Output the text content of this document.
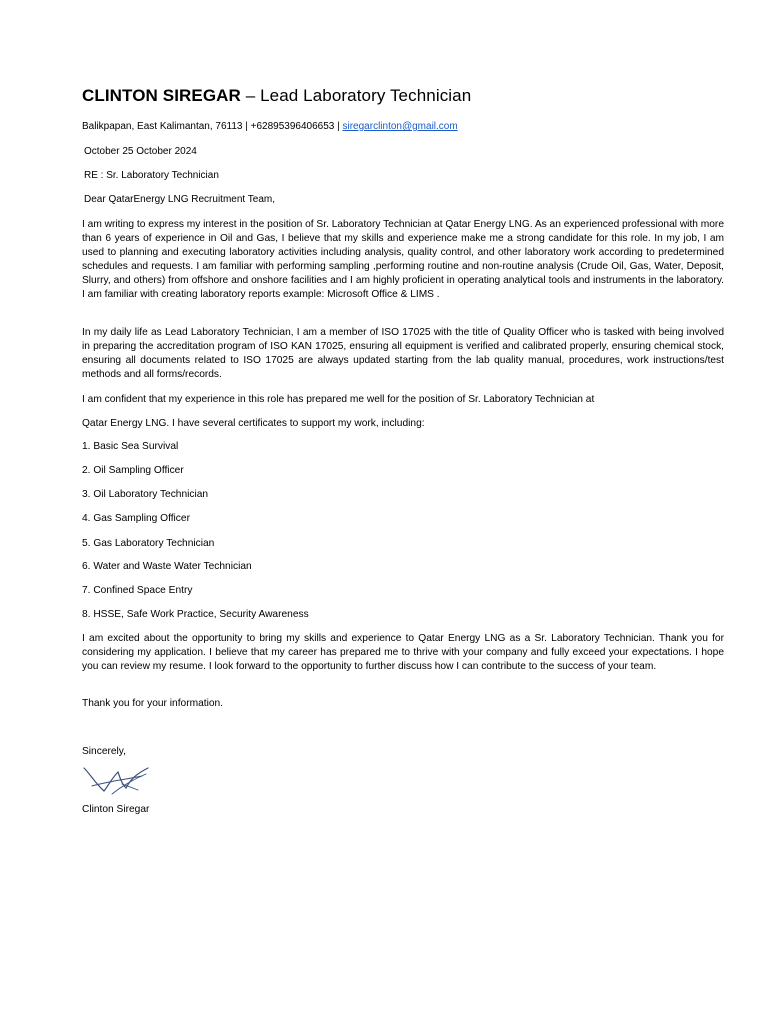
CLINTON SIREGAR – Lead Laboratory Technician
Balikpapan, East Kalimantan, 76113 | +62895396406653 | siregarclinton@gmail.com
October 25 October 2024
RE : Sr. Laboratory Technician
Dear QatarEnergy LNG Recruitment Team,
I am writing to express my interest in the position of Sr. Laboratory Technician at Qatar Energy LNG. As an experienced professional with more than 6 years of experience in Oil and Gas, I believe that my skills and experience make me a strong candidate for this role. In my job, I am used to planning and executing laboratory activities including analysis, quality control, and other laboratory work according to predetermined schedules and requests. I am familiar with performing sampling ,performing routine and non-routine analysis (Crude Oil, Gas, Water, Deposit, Slurry, and others) from offshore and onshore facilities and I am highly proficient in operating analytical tools and instruments in the laboratory. I am familiar with creating laboratory reports example: Microsoft Office & LIMS .
In my daily life as Lead Laboratory Technician, I am a member of ISO 17025 with the title of Quality Officer who is tasked with being involved in preparing the accreditation program of ISO KAN 17025, ensuring all equipment is verified and calibrated properly, ensuring chemical stock, ensuring all documents related to ISO 17025 are always updated starting from the lab quality manual, procedures, work instructions/test methods and all forms/records.
I am confident that my experience in this role has prepared me well for the position of Sr. Laboratory Technician at
Qatar Energy LNG. I have several certificates to support my work, including:
1. Basic Sea Survival
2. Oil Sampling Officer
3. Oil Laboratory Technician
4. Gas Sampling Officer
5. Gas Laboratory Technician
6. Water and Waste Water Technician
7. Confined Space Entry
8. HSSE, Safe Work Practice, Security Awareness
I am excited about the opportunity to bring my skills and experience to Qatar Energy LNG as a Sr. Laboratory Technician. Thank you for considering my application. I believe that my career has prepared me to thrive with your company and fully exceed your expectations. I hope you can review my resume. I look forward to the opportunity to further discuss how I can contribute to the success of your team.
Thank you for your information.
Sincerely,
Clinton Siregar
